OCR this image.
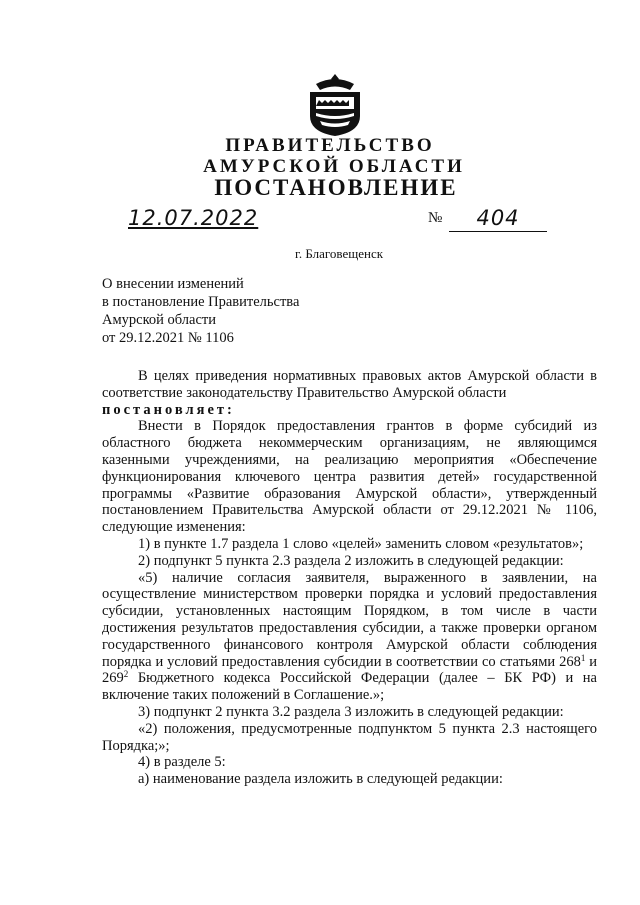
ПРАВИТЕЛЬСТВО
АМУРСКОЙ ОБЛАСТИ
ПОСТАНОВЛЕНИЕ
12.07.2022	№	404
г. Благовещенск
О внесении изменений
в постановление Правительства
Амурской области
от 29.12.2021 № 1106
В целях приведения нормативных правовых актов Амурской области в соответствие законодательству Правительство Амурской области
постановляет:
Внести в Порядок предоставления грантов в форме субсидий из областного бюджета некоммерческим организациям, не являющимся казенными учреждениями, на реализацию мероприятия «Обеспечение функционирования ключевого центра развития детей» государственной программы «Развитие образования Амурской области», утвержденный постановлением Правительства Амурской области от 29.12.2021 № 1106, следующие изменения:
1) в пункте 1.7 раздела 1 слово «целей» заменить словом «результатов»;
2) подпункт 5 пункта 2.3 раздела 2 изложить в следующей редакции:
«5) наличие согласия заявителя, выраженного в заявлении, на осуществление министерством проверки порядка и условий предоставления субсидии, установленных настоящим Порядком, в том числе в части достижения результатов предоставления субсидии, а также проверки органом государственного финансового контроля Амурской области соблюдения порядка и условий предоставления субсидии в соответствии со статьями $268^1$ и $269^2$ Бюджетного кодекса Российской Федерации (далее – БК РФ) и на включение таких положений в Соглашение.»;
3) подпункт 2 пункта 3.2 раздела 3 изложить в следующей редакции:
«2) положения, предусмотренные подпунктом 5 пункта 2.3 настоящего Порядка;»;
4) в разделе 5:
а) наименование раздела изложить в следующей редакции:
